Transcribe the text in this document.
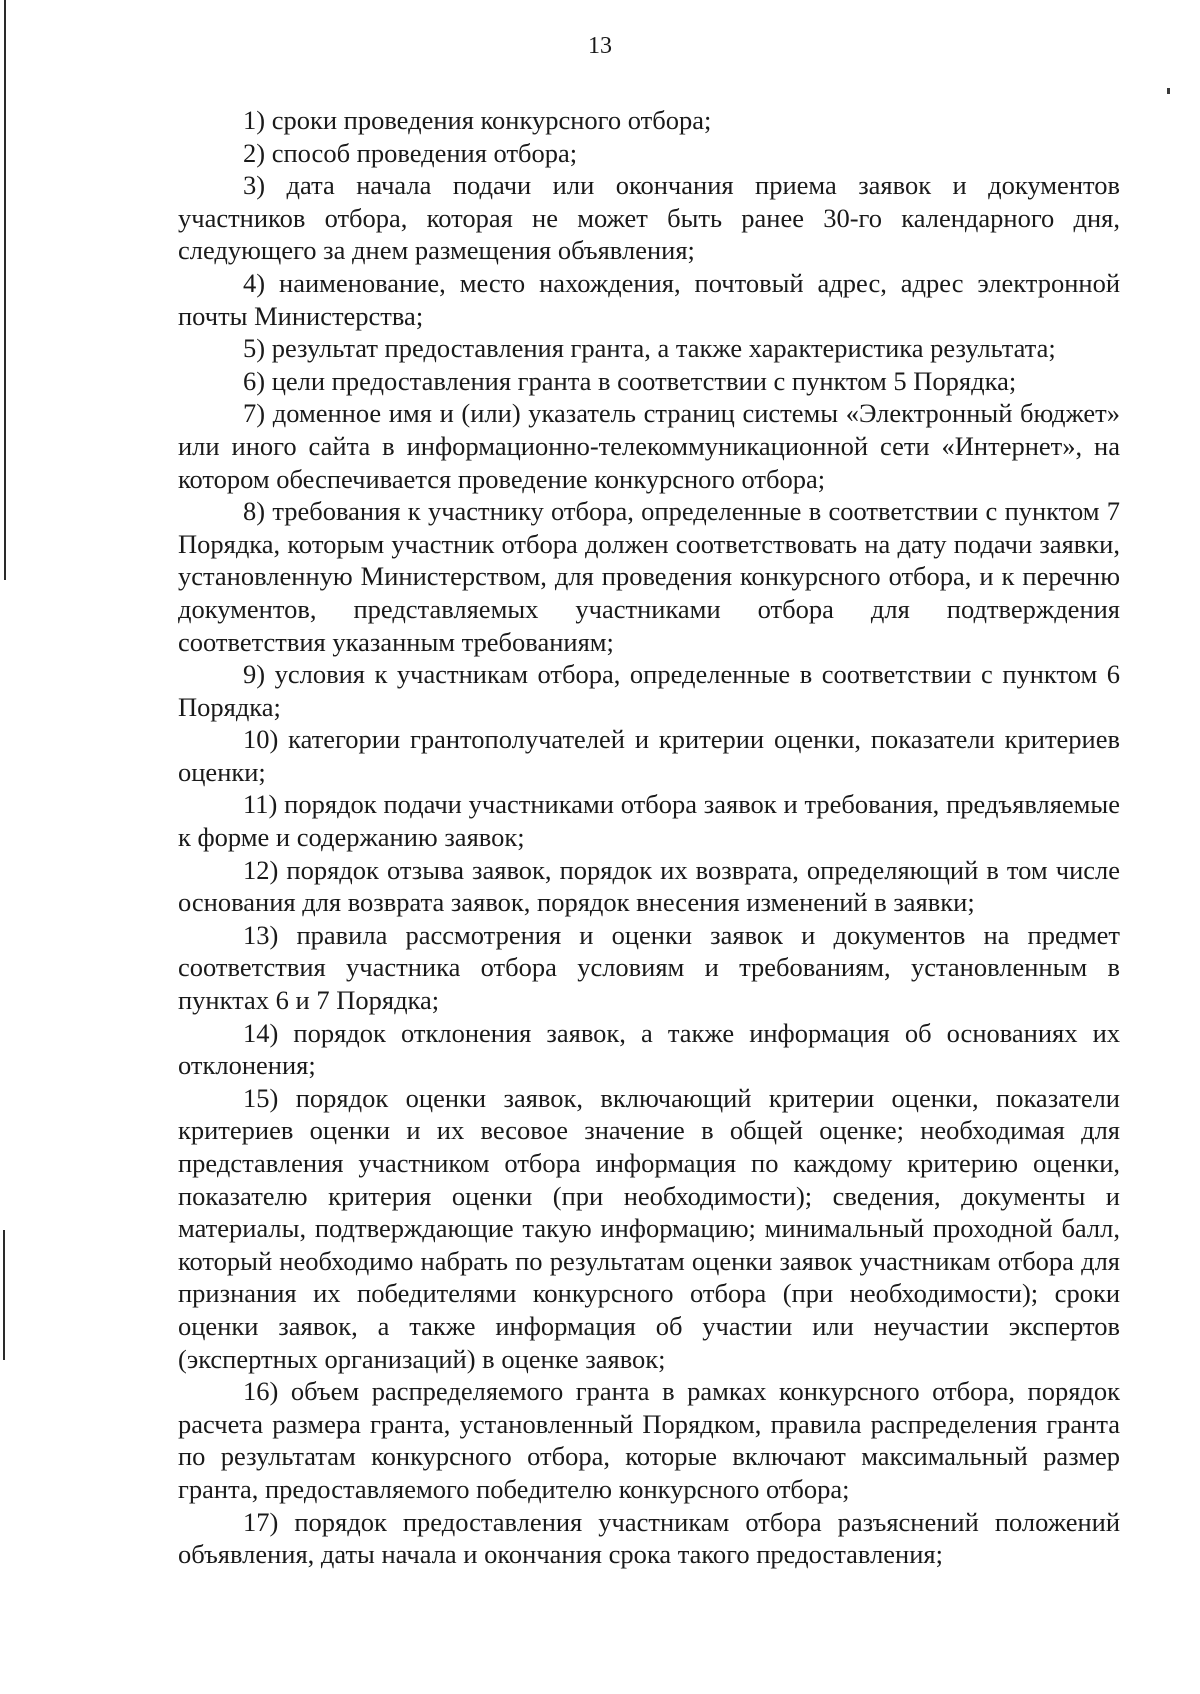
13

1) сроки проведения конкурсного отбора;

2) способ проведения отбора;

3) дата начала подачи или окончания приема заявок и документов участников отбора, которая не может быть ранее 30-го календарного дня, следующего за днем размещения объявления;

4) наименование, место нахождения, почтовый адрес, адрес электронной почты Министерства;

5) результат предоставления гранта, а также характеристика результата;

6) цели предоставления гранта в соответствии с пунктом 5 Порядка;

7) доменное имя и (или) указатель страниц системы «Электронный бюджет» или иного сайта в информационно-телекоммуникационной сети «Интернет», на котором обеспечивается проведение конкурсного отбора;

8) требования к участнику отбора, определенные в соответствии с пунктом 7 Порядка, которым участник отбора должен соответствовать на дату подачи заявки, установленную Министерством, для проведения конкурсного отбора, и к перечню документов, представляемых участниками отбора для подтверждения соответствия указанным требованиям;

9) условия к участникам отбора, определенные в соответствии с пунктом 6 Порядка;

10) категории грантополучателей и критерии оценки, показатели критериев оценки;

11) порядок подачи участниками отбора заявок и требования, предъявляемые к форме и содержанию заявок;

12) порядок отзыва заявок, порядок их возврата, определяющий в том числе основания для возврата заявок, порядок внесения изменений в заявки;

13) правила рассмотрения и оценки заявок и документов на предмет соответствия участника отбора условиям и требованиям, установленным в пунктах 6 и 7 Порядка;

14) порядок отклонения заявок, а также информация об основаниях их отклонения;

15) порядок оценки заявок, включающий критерии оценки, показатели критериев оценки и их весовое значение в общей оценке; необходимая для представления участником отбора информация по каждому критерию оценки, показателю критерия оценки (при необходимости); сведения, документы и материалы, подтверждающие такую информацию; минимальный проходной балл, который необходимо набрать по результатам оценки заявок участникам отбора для признания их победителями конкурсного отбора (при необходимости); сроки оценки заявок, а также информация об участии или неучастии экспертов (экспертных организаций) в оценке заявок;

16) объем распределяемого гранта в рамках конкурсного отбора, порядок расчета размера гранта, установленный Порядком, правила распределения гранта по результатам конкурсного отбора, которые включают максимальный размер гранта, предоставляемого победителю конкурсного отбора;

17) порядок предоставления участникам отбора разъяснений положений объявления, даты начала и окончания срока такого предоставления;
